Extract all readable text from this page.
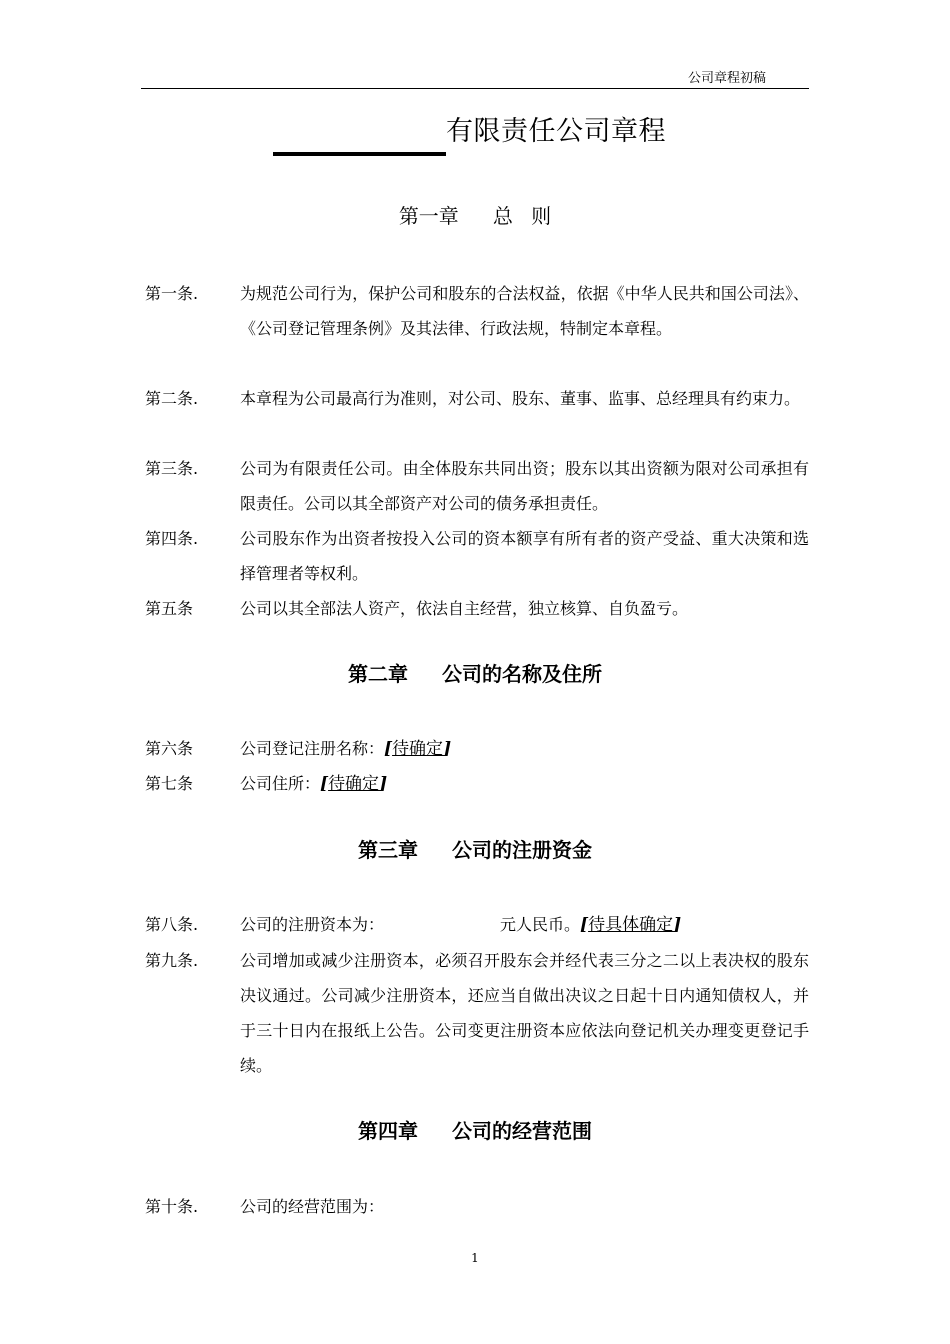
公司章程初稿
有限责任公司章程
第一章 总 则
第一条.	为规范公司行为，保护公司和股东的合法权益，依据《中华人民共和国公司法》、《公司登记管理条例》及其法律、行政法规，特制定本章程。
第二条.	本章程为公司最高行为准则，对公司、股东、董事、监事、总经理具有约束力。
第三条.	公司为有限责任公司。由全体股东共同出资；股东以其出资额为限对公司承担有限责任。公司以其全部资产对公司的债务承担责任。
第四条.	公司股东作为出资者按投入公司的资本额享有所有者的资产受益、重大决策和选择管理者等权利。
第五条	公司以其全部法人资产，依法自主经营，独立核算、自负盈亏。
第二章 公司的名称及住所
第六条	公司登记注册名称：[待确定]
第七条	公司住所：[待确定]
第三章 公司的注册资金
第八条.	公司的注册资本为：	元人民币。[待具体确定]
第九条.	公司增加或减少注册资本，必须召开股东会并经代表三分之二以上表决权的股东决议通过。公司减少注册资本，还应当自做出决议之日起十日内通知债权人，并于三十日内在报纸上公告。公司变更注册资本应依法向登记机关办理变更登记手续。
第四章 公司的经营范围
第十条.	公司的经营范围为：
1
